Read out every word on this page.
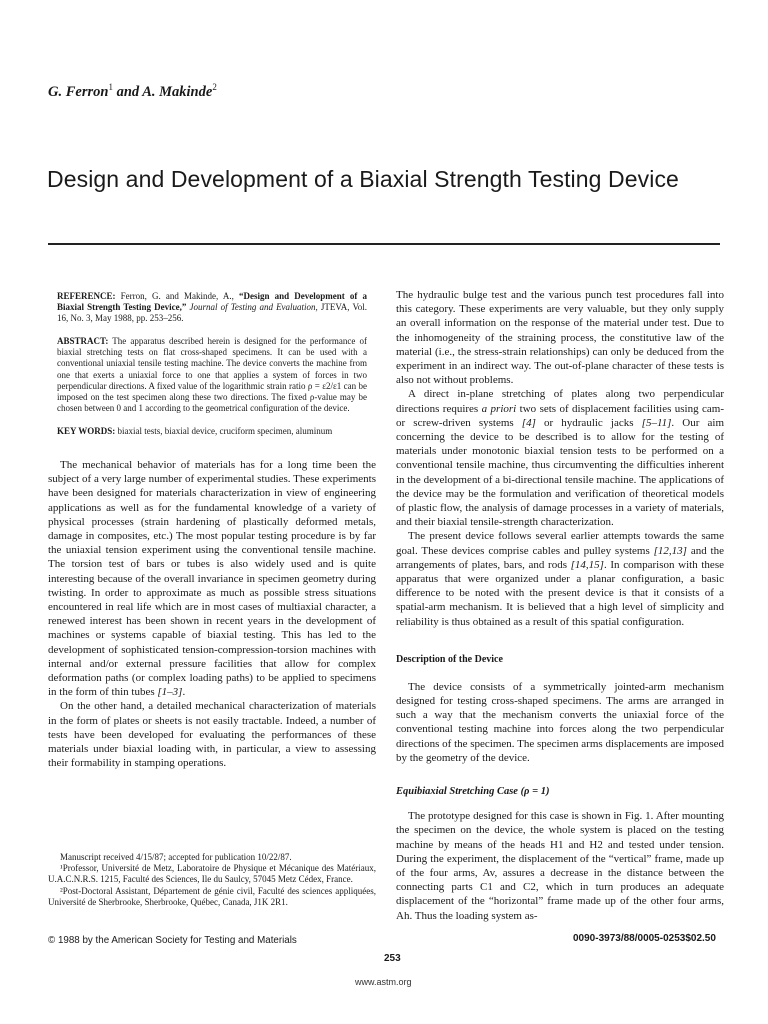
G. Ferron$^1$ and A. Makinde$^2$
Design and Development of a Biaxial Strength Testing Device

REFERENCE: Ferron, G. and Makinde, A., “Design and Development of a Biaxial Strength Testing Device,” Journal of Testing and Evaluation, JTEVA, Vol. 16, No. 3, May 1988, pp. 253–256.

ABSTRACT: The apparatus described herein is designed for the performance of biaxial stretching tests on flat cross-shaped specimens. It can be used with a conventional uniaxial tensile testing machine. The device converts the machine from one that exerts a uniaxial force to one that applies a system of forces in two perpendicular directions. A fixed value of the logarithmic strain ratio ρ = ε2/ε1 can be imposed on the test specimen along these two directions. The fixed ρ-value may be chosen between 0 and 1 according to the geometrical configuration of the device.

KEY WORDS: biaxial tests, biaxial device, cruciform specimen, aluminum

The mechanical behavior of materials has for a long time been the subject of a very large number of experimental studies. These experiments have been designed for materials characterization in view of engineering applications as well as for the fundamental knowledge of a variety of physical processes (strain hardening of plastically deformed metals, damage in composites, etc.) The most popular testing procedure is by far the uniaxial tension experiment using the conventional tensile machine. The torsion test of bars or tubes is also widely used and is quite interesting because of the overall invariance in specimen geometry during twisting. In order to approximate as much as possible stress situations encountered in real life which are in most cases of multiaxial character, a renewed interest has been shown in recent years in the development of machines or systems capable of biaxial testing. This has led to the development of sophisticated tension-compression-torsion machines with internal and/or external pressure facilities that allow for complex deformation paths (or complex loading paths) to be applied to specimens in the form of thin tubes [1–3].

On the other hand, a detailed mechanical characterization of materials in the form of plates or sheets is not easily tractable. Indeed, a number of tests have been developed for evaluating the performances of these materials under biaxial loading with, in particular, a view to assessing their formability in stamping operations.

Manuscript received 4/15/87; accepted for publication 10/22/87.

¹Professor, Université de Metz, Laboratoire de Physique et Mécanique des Matériaux, U.A.C.N.R.S. 1215, Faculté des Sciences, Ile du Saulcy, 57045 Metz Cédex, France.

²Post-Doctoral Assistant, Département de génie civil, Faculté des sciences appliquées, Université de Sherbrooke, Sherbrooke, Québec, Canada, J1K 2R1.

The hydraulic bulge test and the various punch test procedures fall into this category. These experiments are very valuable, but they only supply an overall information on the response of the material under test. Due to the inhomogeneity of the straining process, the constitutive law of the material (i.e., the stress-strain relationships) can only be deduced from the experiment in an indirect way. The out-of-plane character of these tests is also not without problems.

A direct in-plane stretching of plates along two perpendicular directions requires a priori two sets of displacement facilities using cam- or screw-driven systems [4] or hydraulic jacks [5–11]. Our aim concerning the device to be described is to allow for the testing of materials under monotonic biaxial tension tests to be performed on a conventional tensile machine, thus circumventing the difficulties inherent in the development of a bi-directional tensile machine. The applications of the device may be the formulation and verification of theoretical models of plastic flow, the analysis of damage processes in a variety of materials, and their biaxial tensile-strength characterization.

The present device follows several earlier attempts towards the same goal. These devices comprise cables and pulley systems [12,13] and the arrangements of plates, bars, and rods [14,15]. In comparison with these apparatus that were organized under a planar configuration, a basic difference to be noted with the present device is that it consists of a spatial-arm mechanism. It is believed that a high level of simplicity and reliability is thus obtained as a result of this spatial configuration.

Description of the Device

The device consists of a symmetrically jointed-arm mechanism designed for testing cross-shaped specimens. The arms are arranged in such a way that the mechanism converts the uniaxial force of the conventional testing machine into forces along the two perpendicular directions of the specimen. The specimen arms displacements are imposed by the geometry of the device.

Equibiaxial Stretching Case (ρ = 1)

The prototype designed for this case is shown in Fig. 1. After mounting the specimen on the device, the whole system is placed on the testing machine by means of the heads H1 and H2 and tested under tension. During the experiment, the displacement of the “vertical” frame, made up of the four arms, Av, assures a decrease in the distance between the connecting parts C1 and C2, which in turn produces an adequate displacement of the “horizontal” frame made up of the other four arms, Ah. Thus the loading system as-

© 1988 by the American Society for Testing and Materials	0090-3973/88/0005-0253$02.50
253
www.astm.org
